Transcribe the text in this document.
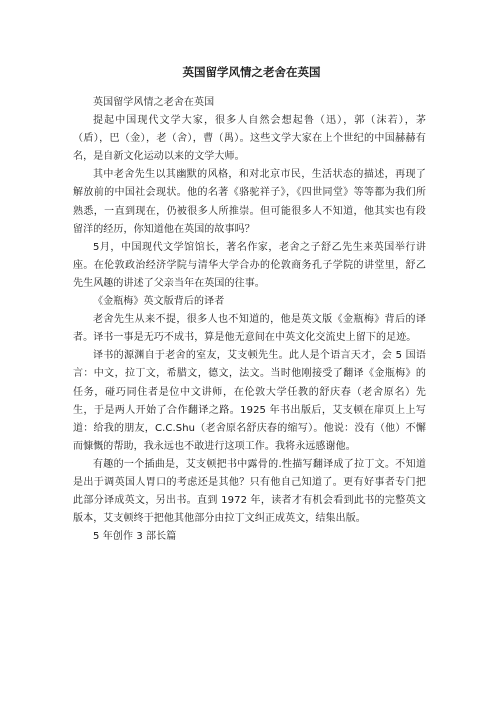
英国留学风情之老舍在英国

英国留学风情之老舍在英国

提起中国现代文学大家，很多人自然会想起鲁（迅），郭（沫若），茅（盾），巴（金），老（舍），曹（禺）。这些文学大家在上个世纪的中国赫赫有名，是自新文化运动以来的文学大师。

其中老舍先生以其幽默的风格，和对北京市民，生活状态的描述，再现了解放前的中国社会现状。他的名著《骆驼祥子》，《四世同堂》等等都为我们所熟悉，一直到现在，仍被很多人所推崇。但可能很多人不知道，他其实也有段留洋的经历，你知道他在英国的故事吗？

5月，中国现代文学馆馆长，著名作家，老舍之子舒乙先生来英国举行讲座。在伦敦政治经济学院与清华大学合办的伦敦商务孔子学院的讲堂里，舒乙先生风趣的讲述了父亲当年在英国的往事。

《金瓶梅》英文版背后的译者

老舍先生从来不提，很多人也不知道的，他是英文版《金瓶梅》背后的译者。译书一事是无巧不成书，算是他无意间在中英文化交流史上留下的足迹。

译书的源渊自于老舍的室友，艾支顿先生。此人是个语言天才，会 5 国语言：中文，拉丁文，希腊文，德文，法文。当时他刚接受了翻译《金瓶梅》的任务，碰巧同住者是位中文讲师，在伦敦大学任教的舒庆春（老舍原名）先生，于是两人开始了合作翻译之路。1925 年书出版后，艾支顿在扉页上上写道：给我的朋友，C.C.Shu（老舍原名舒庆春的缩写）。他说：没有（他）不懈而慷慨的帮助，我永远也不敢进行这项工作。我将永远感谢他。

有趣的一个插曲是，艾支顿把书中露骨的.性描写翻译成了拉丁文。不知道是出于调英国人胃口的考虑还是其他？只有他自己知道了。更有好事者专门把此部分译成英文，另出书。直到 1972 年，读者才有机会看到此书的完整英文版本，艾支顿终于把他其他部分由拉丁文纠正成英文，结集出版。

5 年创作 3 部长篇
